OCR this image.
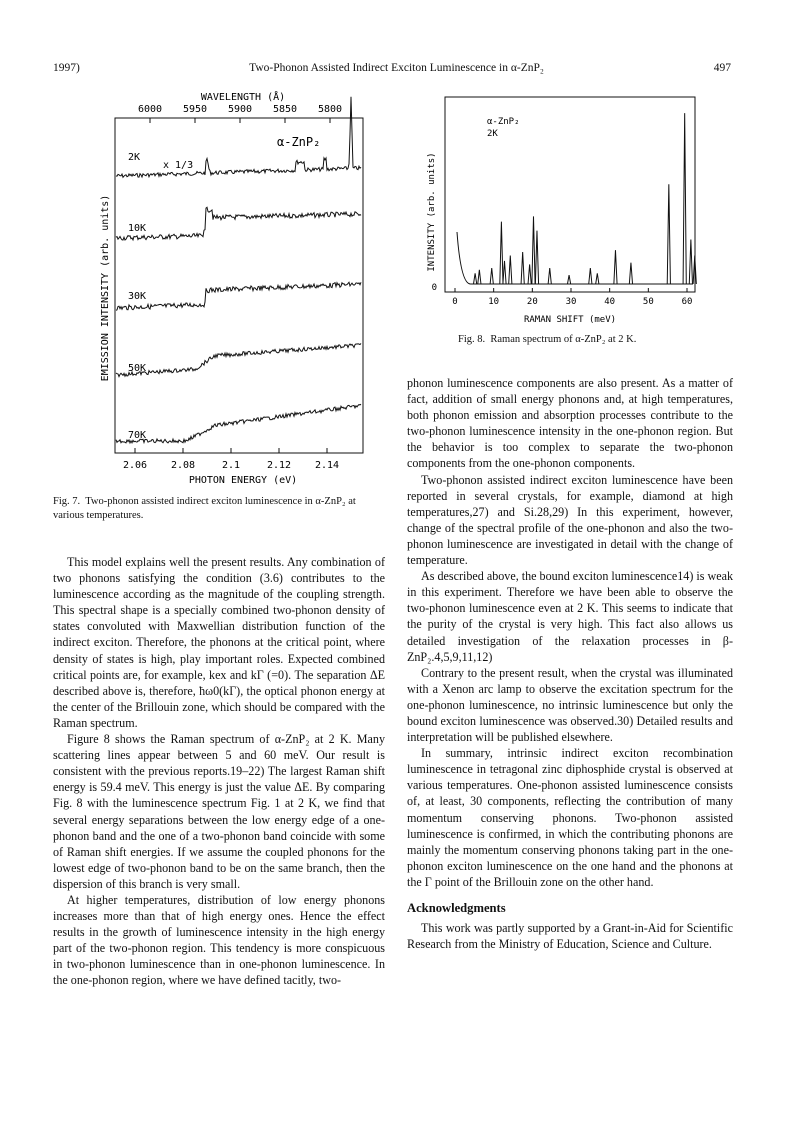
1997)	Two-Phonon Assisted Indirect Exciton Luminescence in α-ZnP₂	497
WAVELENGTH (Å)
6000 5950 5900 5850 5800
α-ZnP₂
x 1/3
2K
10K
30K
50K
70K
2.06 2.08	2.1	2.12 2.14
PHOTON ENERGY (eV)
EMISSION INTENSITY (arb. units)
Fig. 7. Two-phonon assisted indirect exciton luminescence in α-ZnP₂ at various temperatures.
α-ZnP₂
2K
0
INTENSITY (arb. units)
0	10	20	30	40	50	60
RAMAN SHIFT (meV)
Fig. 8. Raman spectrum of α-ZnP₂ at 2 K.

This model explains well the present results. Any combination of two phonons satisfying the condition (3.6) contributes to the luminescence according as the magnitude of the coupling strength. This spectral shape is a specially combined two-phonon density of states convoluted with Maxwellian distribution function of the indirect exciton. Therefore, the phonons at the critical point, where density of states is high, play important roles. Expected combined critical points are, for example, kex and kΓ (=0). The separation ΔE described above is, therefore, ħω0(kΓ), the optical phonon energy at the center of the Brillouin zone, which should be compared with the Raman spectrum.

Figure 8 shows the Raman spectrum of α-ZnP₂ at 2 K. Many scattering lines appear between 5 and 60 meV. Our result is consistent with the previous reports.19–22) The largest Raman shift energy is 59.4 meV. This energy is just the value ΔE. By comparing Fig. 8 with the luminescence spectrum Fig. 1 at 2 K, we find that several energy separations between the low energy edge of a one-phonon band and the one of a two-phonon band coincide with some of Raman shift energies. If we assume the coupled phonons for the lowest edge of two-phonon band to be on the same branch, then the dispersion of this branch is very small.

At higher temperatures, distribution of low energy phonons increases more than that of high energy ones. Hence the effect results in the growth of luminescence intensity in the high energy part of the two-phonon region. This tendency is more conspicuous in two-phonon luminescence than in one-phonon luminescence. In the one-phonon region, where we have defined tacitly, two-

phonon luminescence components are also present. As a matter of fact, addition of small energy phonons and, at high temperatures, both phonon emission and absorption processes contribute to the two-phonon luminescence intensity in the one-phonon region. But the behavior is too complex to separate the two-phonon components from the one-phonon components.

Two-phonon assisted indirect exciton luminescence have been reported in several crystals, for example, diamond at high temperatures,27) and Si.28,29) In this experiment, however, change of the spectral profile of the one-phonon and also the two-phonon luminescence are investigated in detail with the change of temperature.

As described above, the bound exciton luminescence14) is weak in this experiment. Therefore we have been able to observe the two-phonon luminescence even at 2 K. This seems to indicate that the purity of the crystal is very high. This fact also allows us detailed investigation of the relaxation processes in β-ZnP₂.4,5,9,11,12)

Contrary to the present result, when the crystal was illuminated with a Xenon arc lamp to observe the excitation spectrum for the one-phonon luminescence, no intrinsic luminescence but only the bound exciton luminescence was observed.30) Detailed results and interpretation will be published elsewhere.

In summary, intrinsic indirect exciton recombination luminescence in tetragonal zinc diphosphide crystal is observed at various temperatures. One-phonon assisted luminescence consists of, at least, 30 components, reflecting the contribution of many momentum conserving phonons. Two-phonon assisted luminescence is confirmed, in which the contributing phonons are mainly the momentum conserving phonons taking part in the one-phonon exciton luminescence on the one hand and the phonons at the Γ point of the Brillouin zone on the other hand.

Acknowledgments

This work was partly supported by a Grant-in-Aid for Scientific Research from the Ministry of Education, Science and Culture.
